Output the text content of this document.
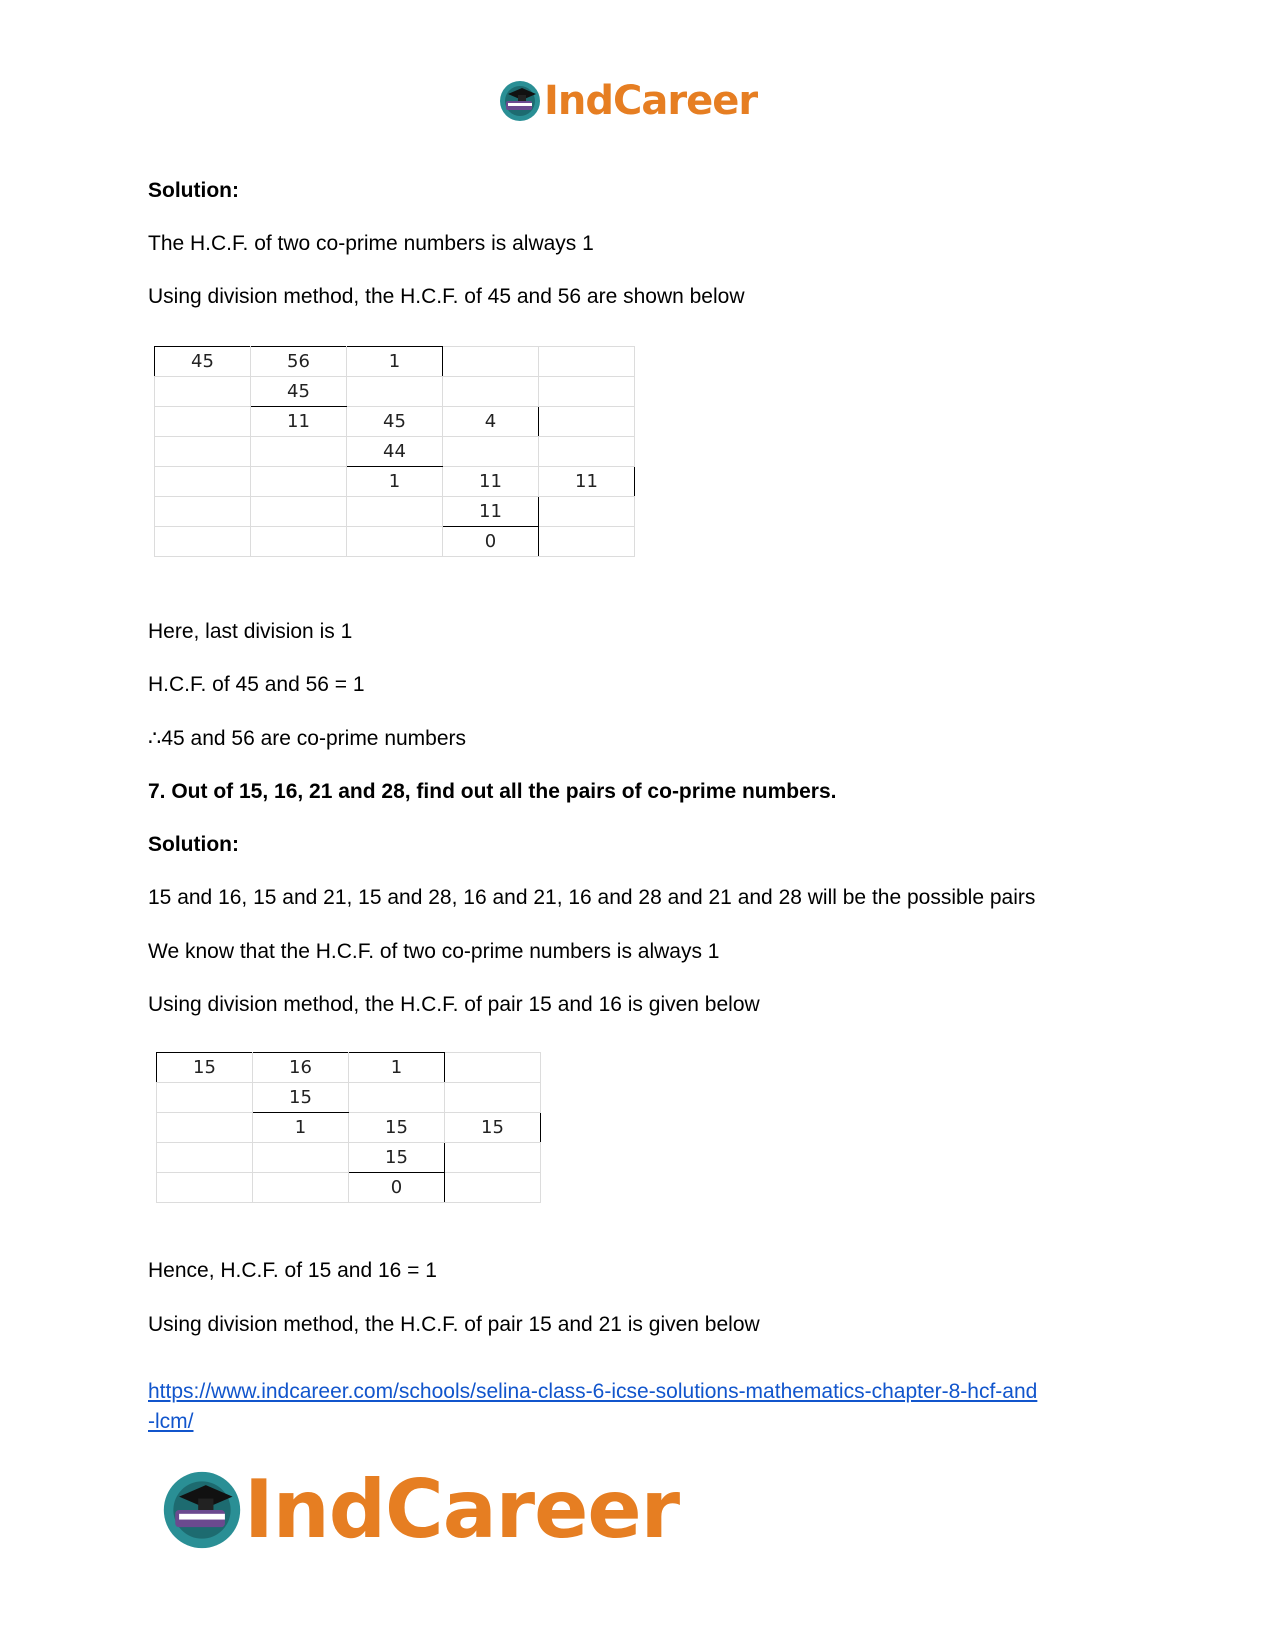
IndCareer
Solution:
The H.C.F. of two co-prime numbers is always 1
Using division method, the H.C.F. of 45 and 56 are shown below
45	56	1		
	45			
	11	45	4	
		44		
		1	11	11
			11	
			0	
Here, last division is 1
H.C.F. of 45 and 56 = 1
∴45 and 56 are co-prime numbers
7. Out of 15, 16, 21 and 28, find out all the pairs of co-prime numbers.
Solution:
15 and 16, 15 and 21, 15 and 28, 16 and 21, 16 and 28 and 21 and 28 will be the possible pairs
We know that the H.C.F. of two co-prime numbers is always 1
Using division method, the H.C.F. of pair 15 and 16 is given below
15	16	1	
	15		
	1	15	15
		15	
		0	
Hence, H.C.F. of 15 and 16 = 1
Using division method, the H.C.F. of pair 15 and 21 is given below
https://www.indcareer.com/schools/selina-class-6-icse-solutions-mathematics-chapter-8-hcf-and
-lcm/
IndCareer
